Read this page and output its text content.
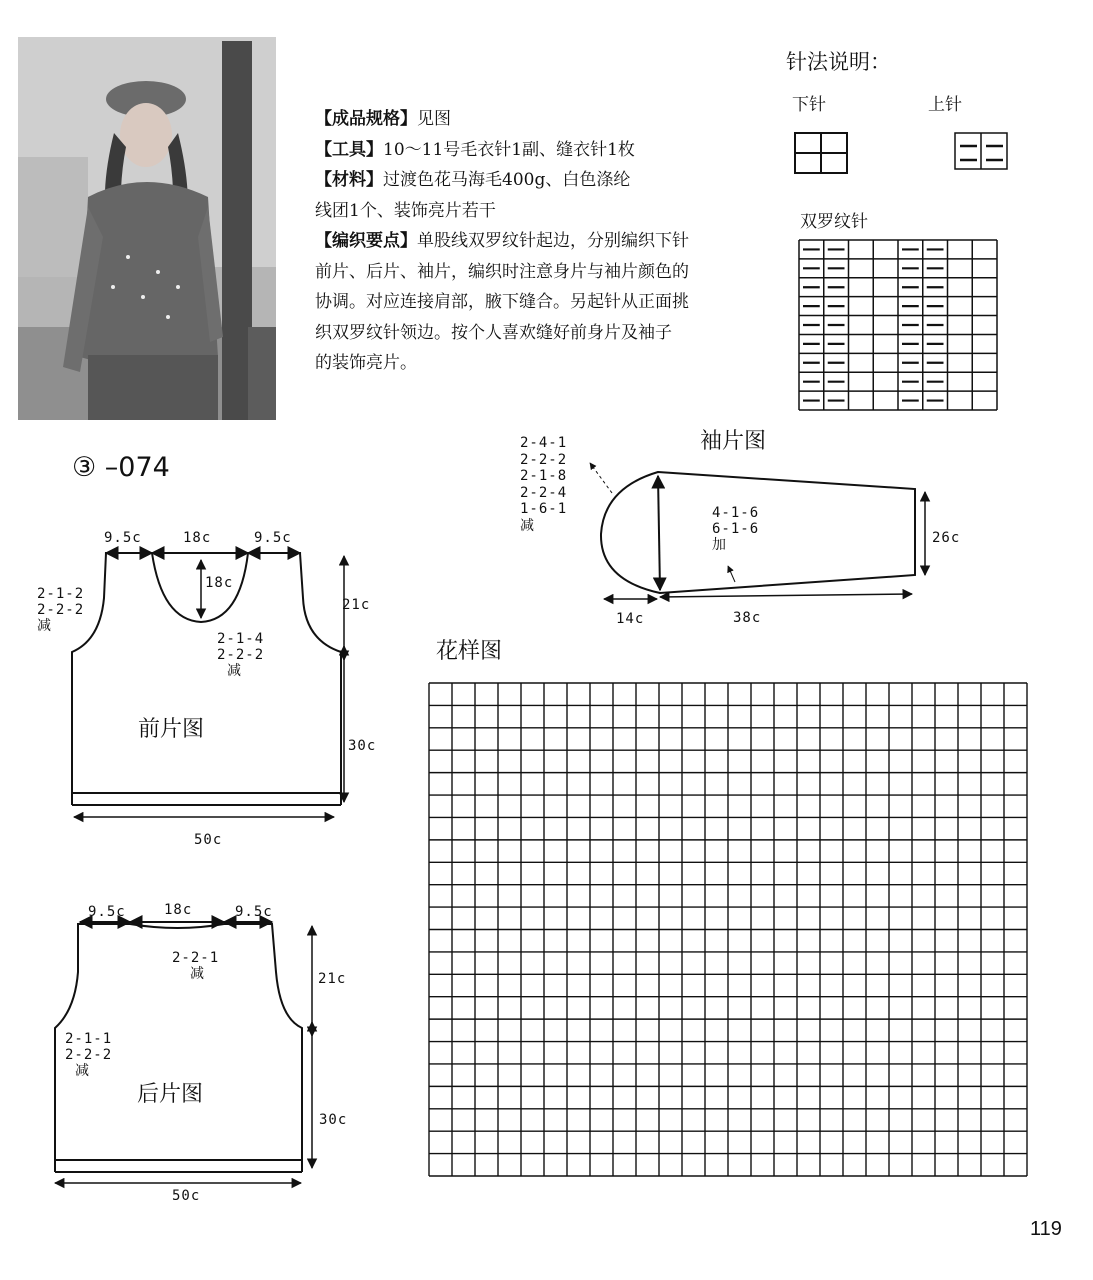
【成品规格】见图

【工具】10～11号毛衣针1副、缝衣针1枚

【材料】过渡色花马海毛400g、白色涤纶

线团1个、装饰亮片若干

【编织要点】单股线双罗纹针起边，分别编织下针

前片、后片、袖片，编织时注意身片与袖片颜色的

协调。对应连接肩部，腋下缝合。另起针从正面挑

织双罗纹针领边。按个人喜欢缝好前身片及袖子

的装饰亮片。

针法说明：
下针	上针
双罗纹针
③ –074
前片图
后片图
袖片图
花样图
9.5c	18c	9.5c
18c
21c
30c
50c
2-1-2
2-2-2
减
2-1-4
2-2-2
减
9.5c	18c	9.5c
21c
30c
50c
2-2-1
减
2-1-1
2-2-2
减
2-4-1
2-2-2
2-1-8
2-2-4
1-6-1
减
4-1-6
6-1-6
加	26c
14c	38c
119
